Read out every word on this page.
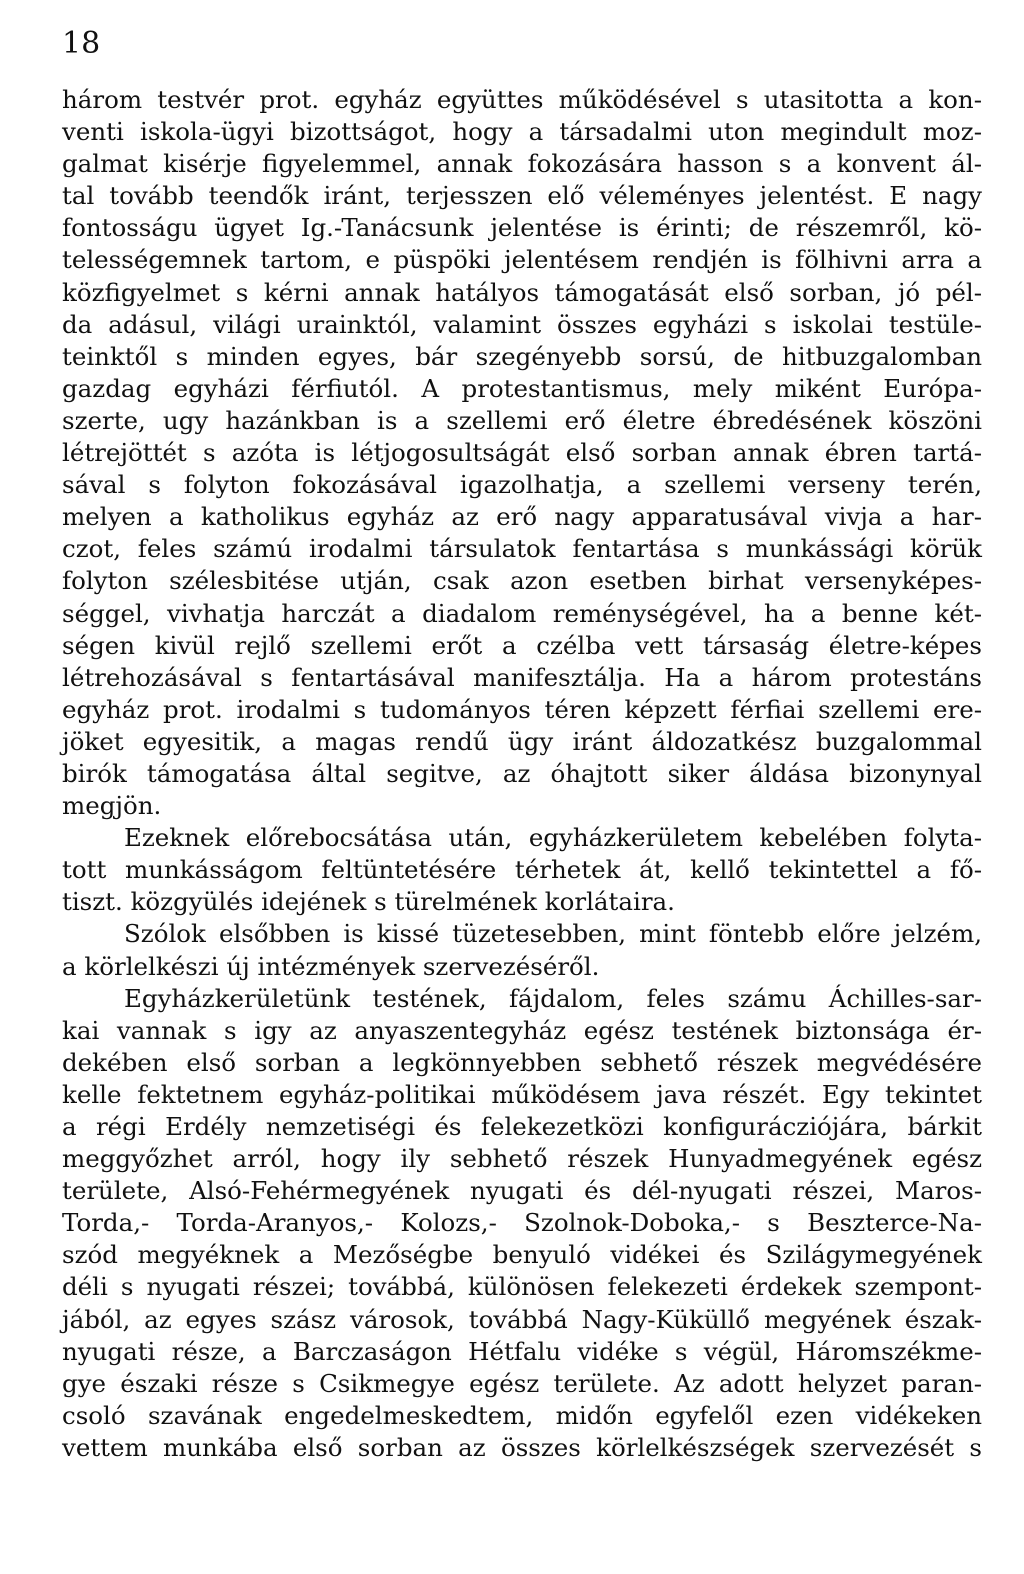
18
három testvér prot. egyház együttes működésével s utasitotta a kon-
venti iskola-ügyi bizottságot, hogy a társadalmi uton megindult moz-
galmat kisérje figyelemmel, annak fokozására hasson s a konvent ál-
tal tovább teendők iránt, terjesszen elő véleményes jelentést. E nagy
fontosságu ügyet Ig.-Tanácsunk jelentése is érinti; de részemről, kö-
telességemnek tartom, e püspöki jelentésem rendjén is fölhivni arra a
közfigyelmet s kérni annak hatályos támogatását első sorban, jó pél-
da adásul, világi urainktól, valamint összes egyházi s iskolai testüle-
teinktől s minden egyes, bár szegényebb sorsú, de hitbuzgalomban
gazdag egyházi férfiutól. A protestantismus, mely miként Európa-
szerte, ugy hazánkban is a szellemi erő életre ébredésének köszöni
létrejöttét s azóta is létjogosultságát első sorban annak ébren tartá-
sával s folyton fokozásával igazolhatja, a szellemi verseny terén,
melyen a katholikus egyház az erő nagy apparatusával vivja a har-
czot, feles számú irodalmi társulatok fentartása s munkássági körük
folyton szélesbitése utján, csak azon esetben birhat versenyképes-
séggel, vivhatja harczát a diadalom reménységével, ha a benne két-
ségen kivül rejlő szellemi erőt a czélba vett társaság életre-képes
létrehozásával s fentartásával manifesztálja. Ha a három protestáns
egyház prot. irodalmi s tudományos téren képzett férfiai szellemi ere-
jöket egyesitik, a magas rendű ügy iránt áldozatkész buzgalommal
birók támogatása által segitve, az óhajtott siker áldása bizonynyal
megjön.
Ezeknek előrebocsátása után, egyházkerületem kebelében folyta-
tott munkásságom feltüntetésére térhetek át, kellő tekintettel a fő-
tiszt. közgyülés idejének s türelmének korlátaira.
Szólok elsőbben is kissé tüzetesebben, mint föntebb előre jelzém,
a körlelkészi új intézmények szervezéséről.
Egyházkerületünk testének, fájdalom, feles számu Áchilles-sar-
kai vannak s igy az anyaszentegyház egész testének biztonsága ér-
dekében első sorban a legkönnyebben sebhető részek megvédésére
kelle fektetnem egyház-politikai működésem java részét. Egy tekintet
a régi Erdély nemzetiségi és felekezetközi konfigurácziójára, bárkit
meggyőzhet arról, hogy ily sebhető részek Hunyadmegyének egész
területe, Alsó-Fehérmegyének nyugati és dél-nyugati részei, Maros-
Torda,- Torda-Aranyos,- Kolozs,- Szolnok-Doboka,- s Beszterce-Na-
szód megyéknek a Mezőségbe benyuló vidékei és Szilágymegyének
déli s nyugati részei; továbbá, különösen felekezeti érdekek szempont-
jából, az egyes szász városok, továbbá Nagy-Küküllő megyének észak-
nyugati része, a Barczaságon Hétfalu vidéke s végül, Háromszékme-
gye északi része s Csikmegye egész területe. Az adott helyzet paran-
csoló szavának engedelmeskedtem, midőn egyfelől ezen vidékeken
vettem munkába első sorban az összes körlelkészségek szervezését s
